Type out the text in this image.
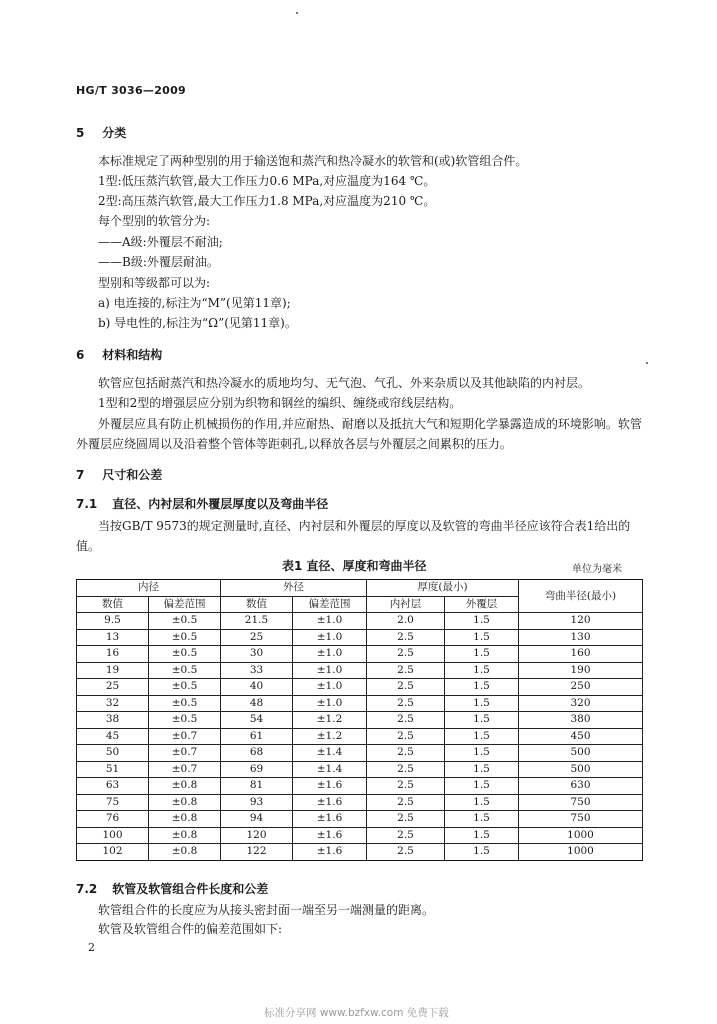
HG/T 3036—2009
5 分类
本标准规定了两种型别的用于输送饱和蒸汽和热冷凝水的软管和(或)软管组合件。
1型:低压蒸汽软管,最大工作压力0.6 MPa,对应温度为164 ℃。
2型:高压蒸汽软管,最大工作压力1.8 MPa,对应温度为210 ℃。
每个型别的软管分为:
——A级:外覆层不耐油;
——B级:外覆层耐油。
型别和等级都可以为:
a) 电连接的,标注为“M”(见第11章);
b) 导电性的,标注为“Ω”(见第11章)。
6 材料和结构
软管应包括耐蒸汽和热冷凝水的质地均匀、无气泡、气孔、外来杂质以及其他缺陷的内衬层。
1型和2型的增强层应分别为织物和钢丝的编织、缠绕或帘线层结构。
外覆层应具有防止机械损伤的作用,并应耐热、耐磨以及抵抗大气和短期化学暴露造成的环境影响。软管外覆层应绕圆周以及沿着整个管体等距刺孔,以释放各层与外覆层之间累积的压力。
7 尺寸和公差
7.1 直径、内衬层和外覆层厚度以及弯曲半径
当按GB/T 9573的规定测量时,直径、内衬层和外覆层的厚度以及软管的弯曲半径应该符合表1给出的值。
表1 直径、厚度和弯曲半径	单位为毫米
内径		外径		厚度(最小)		弯曲半径(最小)
数值	偏差范围	数值	偏差范围	内衬层	外覆层	
9.5	±0.5	21.5	±1.0	2.0	1.5	120
13	±0.5	25	±1.0	2.5	1.5	130
16	±0.5	30	±1.0	2.5	1.5	160
19	±0.5	33	±1.0	2.5	1.5	190
25	±0.5	40	±1.0	2.5	1.5	250
32	±0.5	48	±1.0	2.5	1.5	320
38	±0.5	54	±1.2	2.5	1.5	380
45	±0.7	61	±1.2	2.5	1.5	450
50	±0.7	68	±1.4	2.5	1.5	500
51	±0.7	69	±1.4	2.5	1.5	500
63	±0.8	81	±1.6	2.5	1.5	630
75	±0.8	93	±1.6	2.5	1.5	750
76	±0.8	94	±1.6	2.5	1.5	750
100	±0.8	120	±1.6	2.5	1.5	1000
102	±0.8	122	±1.6	2.5	1.5	1000
7.2 软管及软管组合件长度和公差
软管组合件的长度应为从接头密封面一端至另一端测量的距离。
软管及软管组合件的偏差范围如下:
2
标准分享网 www.bzfxw.com 免费下载
